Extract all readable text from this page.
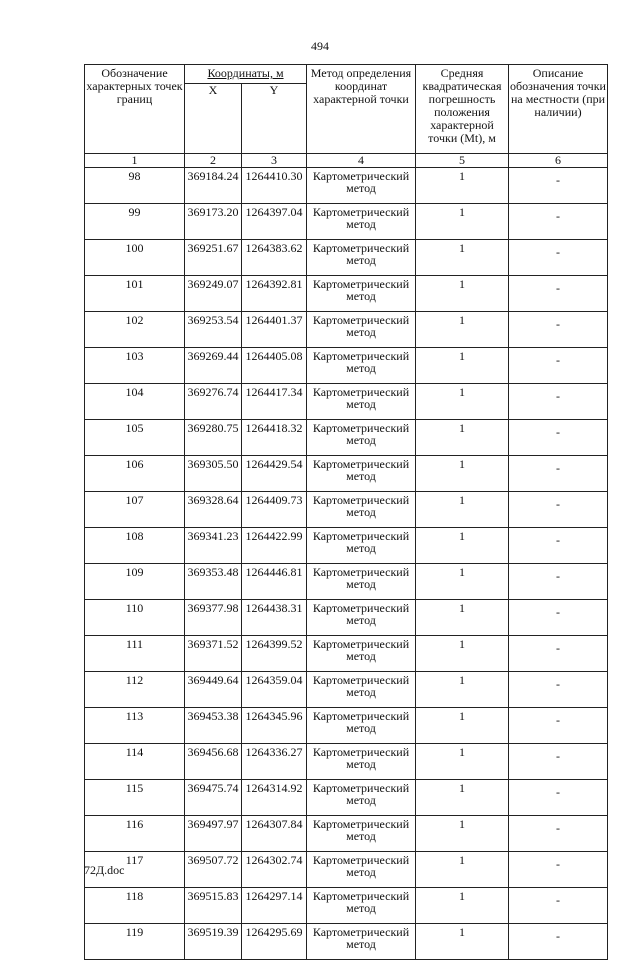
494
Обозначение характерных точек границ	Координаты, м		Метод определения координат характерной точки	Средняя квадратическая погрешность положения характерной точки (Mt), м	Описание обозначения точки на местности (при наличии)
	X	Y			
1	2	3	4	5	6
98	369184.24	1264410.30	Картометрический метод	1	-
99	369173.20	1264397.04	Картометрический метод	1	-
100	369251.67	1264383.62	Картометрический метод	1	-
101	369249.07	1264392.81	Картометрический метод	1	-
102	369253.54	1264401.37	Картометрический метод	1	-
103	369269.44	1264405.08	Картометрический метод	1	-
104	369276.74	1264417.34	Картометрический метод	1	-
105	369280.75	1264418.32	Картометрический метод	1	-
106	369305.50	1264429.54	Картометрический метод	1	-
107	369328.64	1264409.73	Картометрический метод	1	-
108	369341.23	1264422.99	Картометрический метод	1	-
109	369353.48	1264446.81	Картометрический метод	1	-
110	369377.98	1264438.31	Картометрический метод	1	-
111	369371.52	1264399.52	Картометрический метод	1	-
112	369449.64	1264359.04	Картометрический метод	1	-
113	369453.38	1264345.96	Картометрический метод	1	-
114	369456.68	1264336.27	Картометрический метод	1	-
115	369475.74	1264314.92	Картометрический метод	1	-
116	369497.97	1264307.84	Картометрический метод	1	-
117	369507.72	1264302.74	Картометрический метод	1	-
118	369515.83	1264297.14	Картометрический метод	1	-
119	369519.39	1264295.69	Картометрический метод	1	-
72Д.doc
